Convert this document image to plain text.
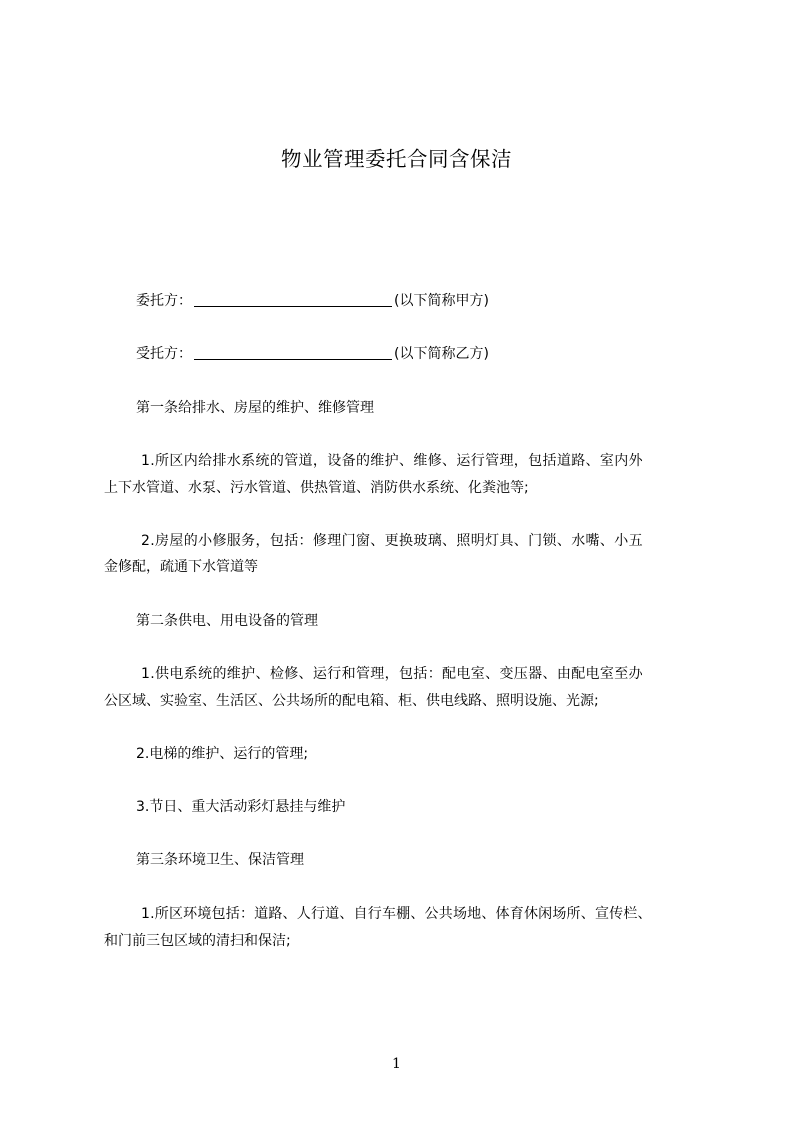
物业管理委托合同含保洁
委托方：	(以下简称甲方)
受托方：	(以下简称乙方)
第一条给排水、房屋的维护、维修管理
1.所区内给排水系统的管道，设备的维护、维修、运行管理，包括道路、室内外
上下水管道、水泵、污水管道、供热管道、消防供水系统、化粪池等;
2.房屋的小修服务，包括：修理门窗、更换玻璃、照明灯具、门锁、水嘴、小五
金修配，疏通下水管道等
第二条供电、用电设备的管理
1.供电系统的维护、检修、运行和管理，包括：配电室、变压器、由配电室至办
公区域、实验室、生活区、公共场所的配电箱、柜、供电线路、照明设施、光源;
2.电梯的维护、运行的管理;
3.节日、重大活动彩灯悬挂与维护
第三条环境卫生、保洁管理
1.所区环境包括：道路、人行道、自行车棚、公共场地、体育休闲场所、宣传栏、
和门前三包区域的清扫和保洁;
1
